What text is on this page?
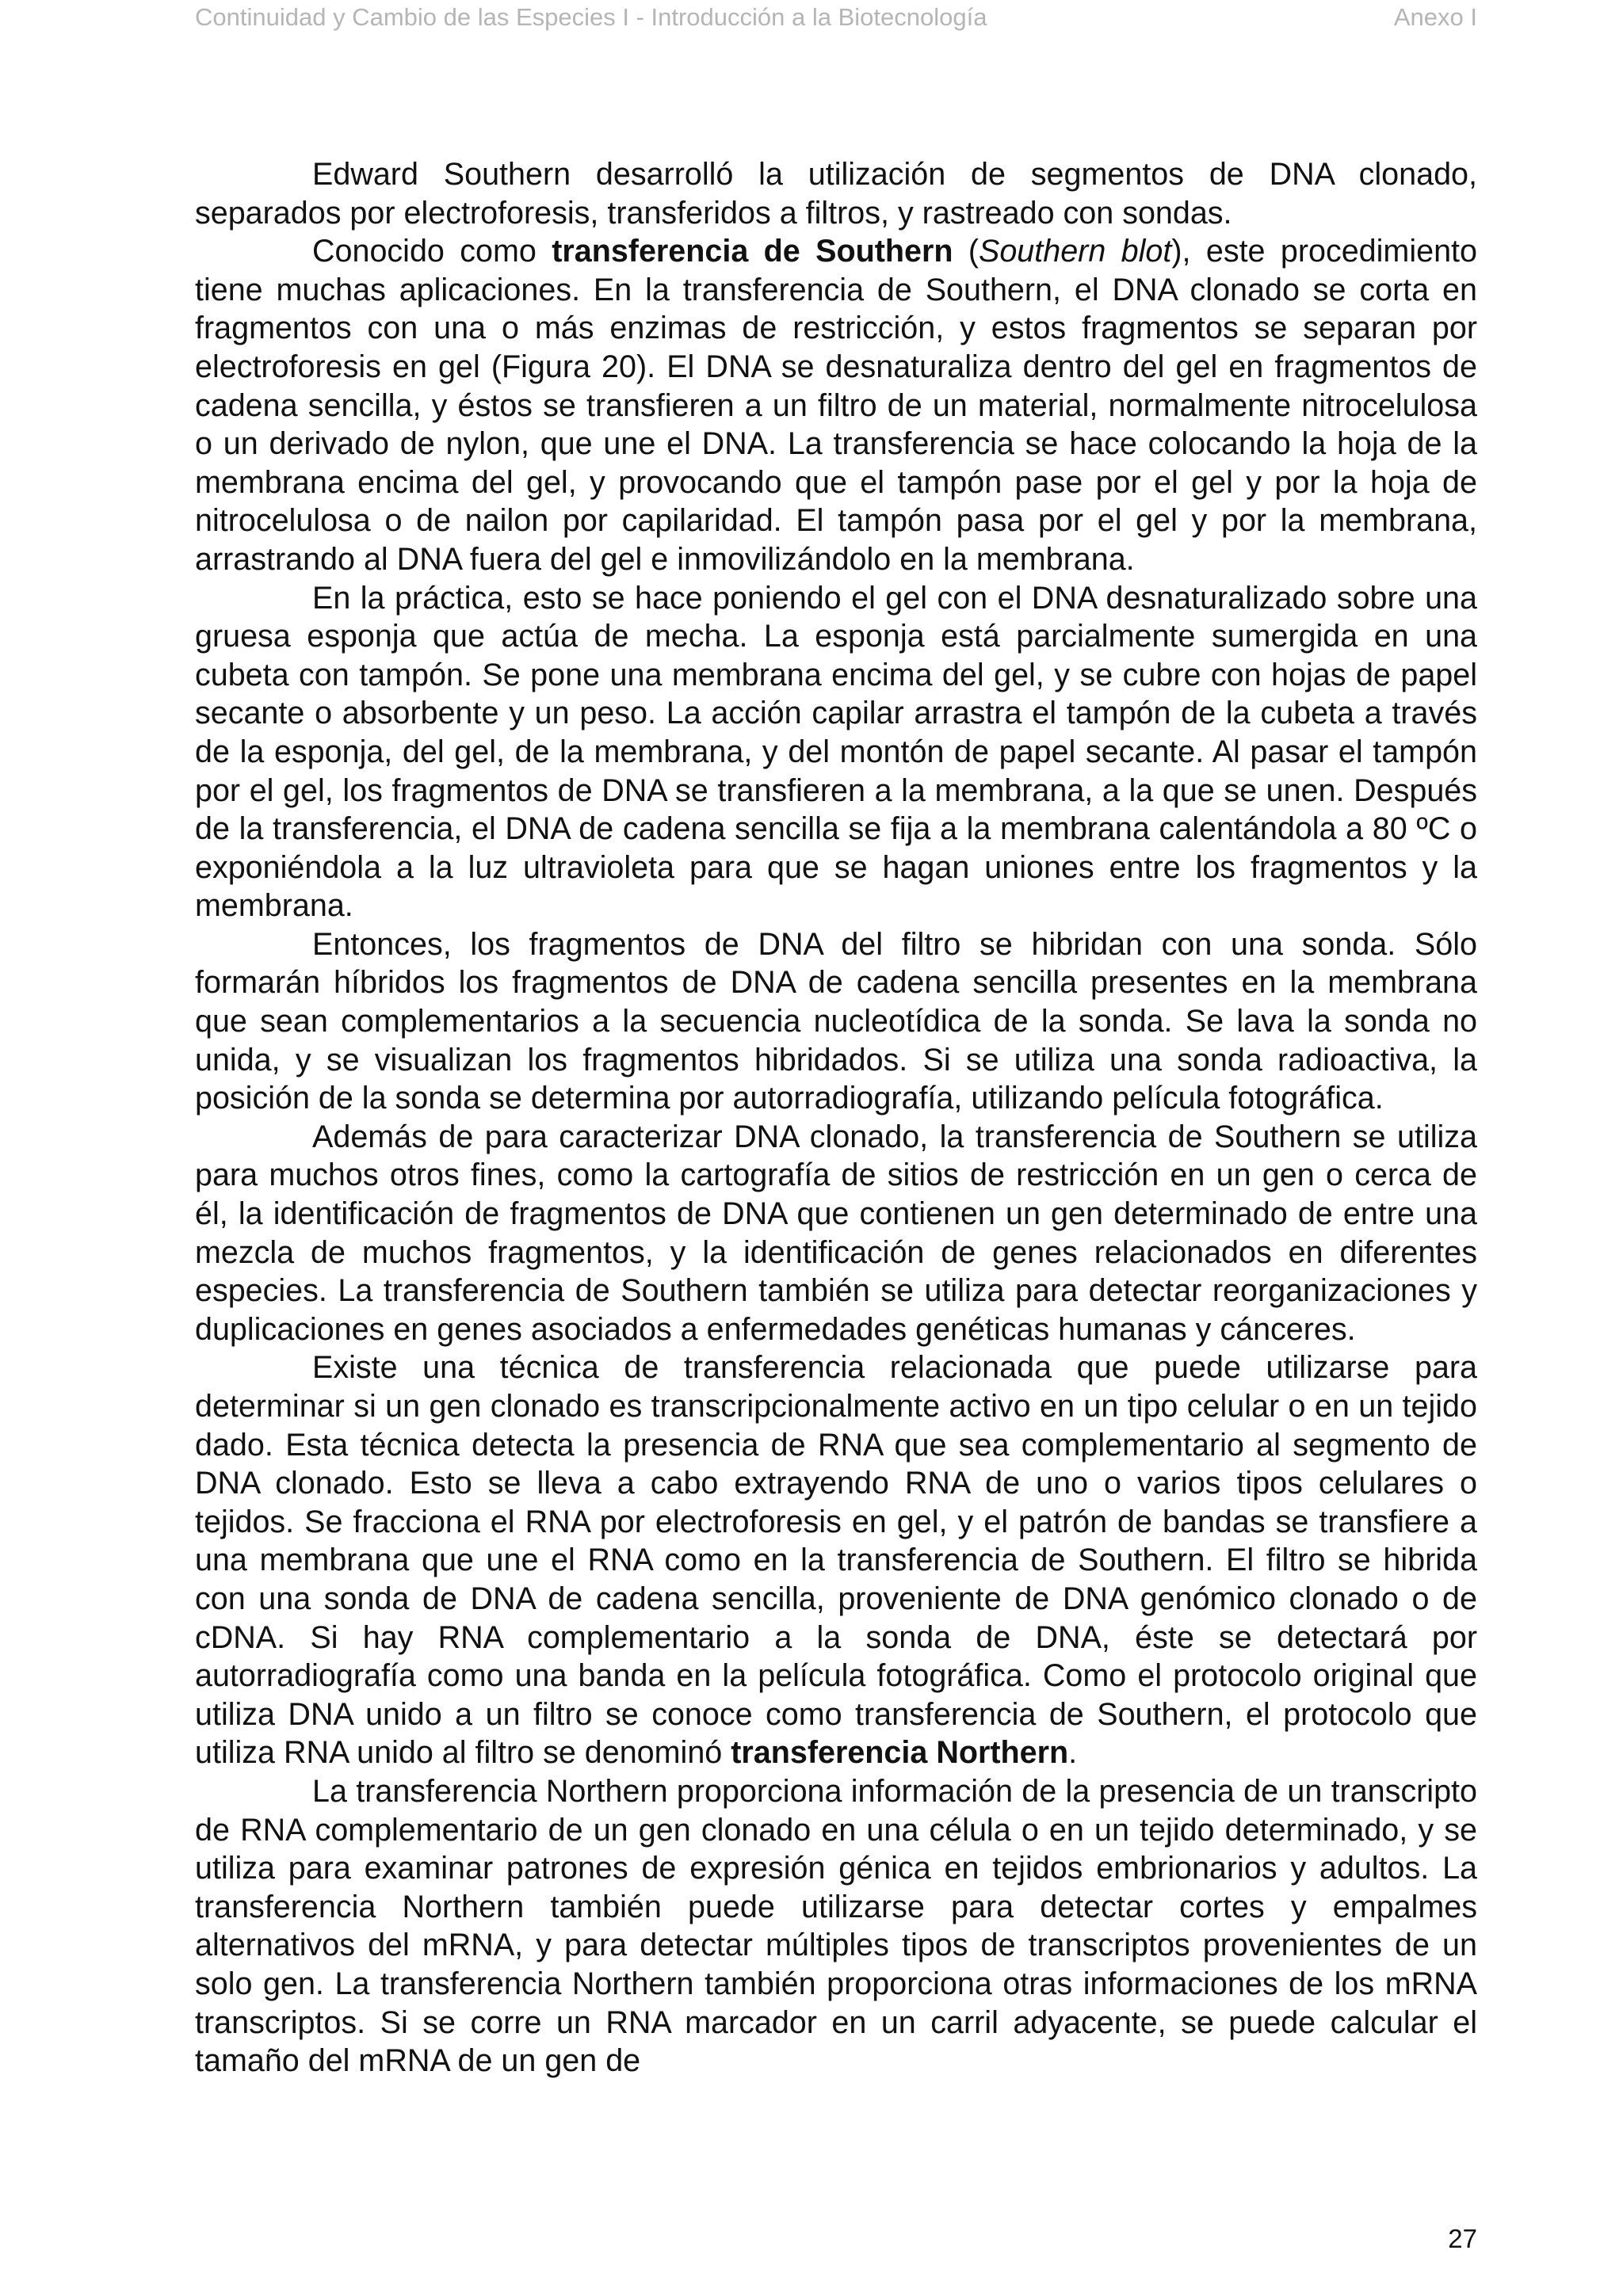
Continuidad y Cambio de las Especies I - Introducción a la Biotecnología	Anexo I

Edward Southern desarrolló la utilización de segmentos de DNA clonado, separados por electroforesis, transferidos a filtros, y rastreado con sondas.

Conocido como transferencia de Southern (Southern blot), este procedimiento tiene muchas aplicaciones. En la transferencia de Southern, el DNA clonado se corta en fragmentos con una o más enzimas de restricción, y estos fragmentos se separan por electroforesis en gel (Figura 20). El DNA se desnaturaliza dentro del gel en fragmentos de cadena sencilla, y éstos se transfieren a un filtro de un material, normalmente nitrocelulosa o un derivado de nylon, que une el DNA. La transferencia se hace colocando la hoja de la membrana encima del gel, y provocando que el tampón pase por el gel y por la hoja de nitrocelulosa o de nailon por capilaridad. El tampón pasa por el gel y por la membrana, arrastrando al DNA fuera del gel e inmovilizándolo en la membrana.

En la práctica, esto se hace poniendo el gel con el DNA desnaturalizado sobre una gruesa esponja que actúa de mecha. La esponja está parcialmente sumergida en una cubeta con tampón. Se pone una membrana encima del gel, y se cubre con hojas de papel secante o absorbente y un peso. La acción capilar arrastra el tampón de la cubeta a través de la esponja, del gel, de la membrana, y del montón de papel secante. Al pasar el tampón por el gel, los fragmentos de DNA se transfieren a la membrana, a la que se unen. Después de la transferencia, el DNA de cadena sencilla se fija a la membrana calentándola a 80 ºC o exponiéndola a la luz ultravioleta para que se hagan uniones entre los fragmentos y la membrana.

Entonces, los fragmentos de DNA del filtro se hibridan con una sonda. Sólo formarán híbridos los fragmentos de DNA de cadena sencilla presentes en la membrana que sean complementarios a la secuencia nucleotídica de la sonda. Se lava la sonda no unida, y se visualizan los fragmentos hibridados. Si se utiliza una sonda radioactiva, la posición de la sonda se determina por autorradiografía, utilizando película fotográfica.

Además de para caracterizar DNA clonado, la transferencia de Southern se utiliza para muchos otros fines, como la cartografía de sitios de restricción en un gen o cerca de él, la identificación de fragmentos de DNA que contienen un gen determinado de entre una mezcla de muchos fragmentos, y la identificación de genes relacionados en diferentes especies. La transferencia de Southern también se utiliza para detectar reorganizaciones y duplicaciones en genes asociados a enfermedades genéticas humanas y cánceres.

Existe una técnica de transferencia relacionada que puede utilizarse para determinar si un gen clonado es transcripcionalmente activo en un tipo celular o en un tejido dado. Esta técnica detecta la presencia de RNA que sea complementario al segmento de DNA clonado. Esto se lleva a cabo extrayendo RNA de uno o varios tipos celulares o tejidos. Se fracciona el RNA por electroforesis en gel, y el patrón de bandas se transfiere a una membrana que une el RNA como en la transferencia de Southern. El filtro se hibrida con una sonda de DNA de cadena sencilla, proveniente de DNA genómico clonado o de cDNA. Si hay RNA complementario a la sonda de DNA, éste se detectará por autorradiografía como una banda en la película fotográfica. Como el protocolo original que utiliza DNA unido a un filtro se conoce como transferencia de Southern, el protocolo que utiliza RNA unido al filtro se denominó transferencia Northern.

La transferencia Northern proporciona información de la presencia de un transcripto de RNA complementario de un gen clonado en una célula o en un tejido determinado, y se utiliza para examinar patrones de expresión génica en tejidos embrionarios y adultos. La transferencia Northern también puede utilizarse para detectar cortes y empalmes alternativos del mRNA, y para detectar múltiples tipos de transcriptos provenientes de un solo gen. La transferencia Northern también proporciona otras informaciones de los mRNA transcriptos. Si se corre un RNA marcador en un carril adyacente, se puede calcular el tamaño del mRNA de un gen de

27
